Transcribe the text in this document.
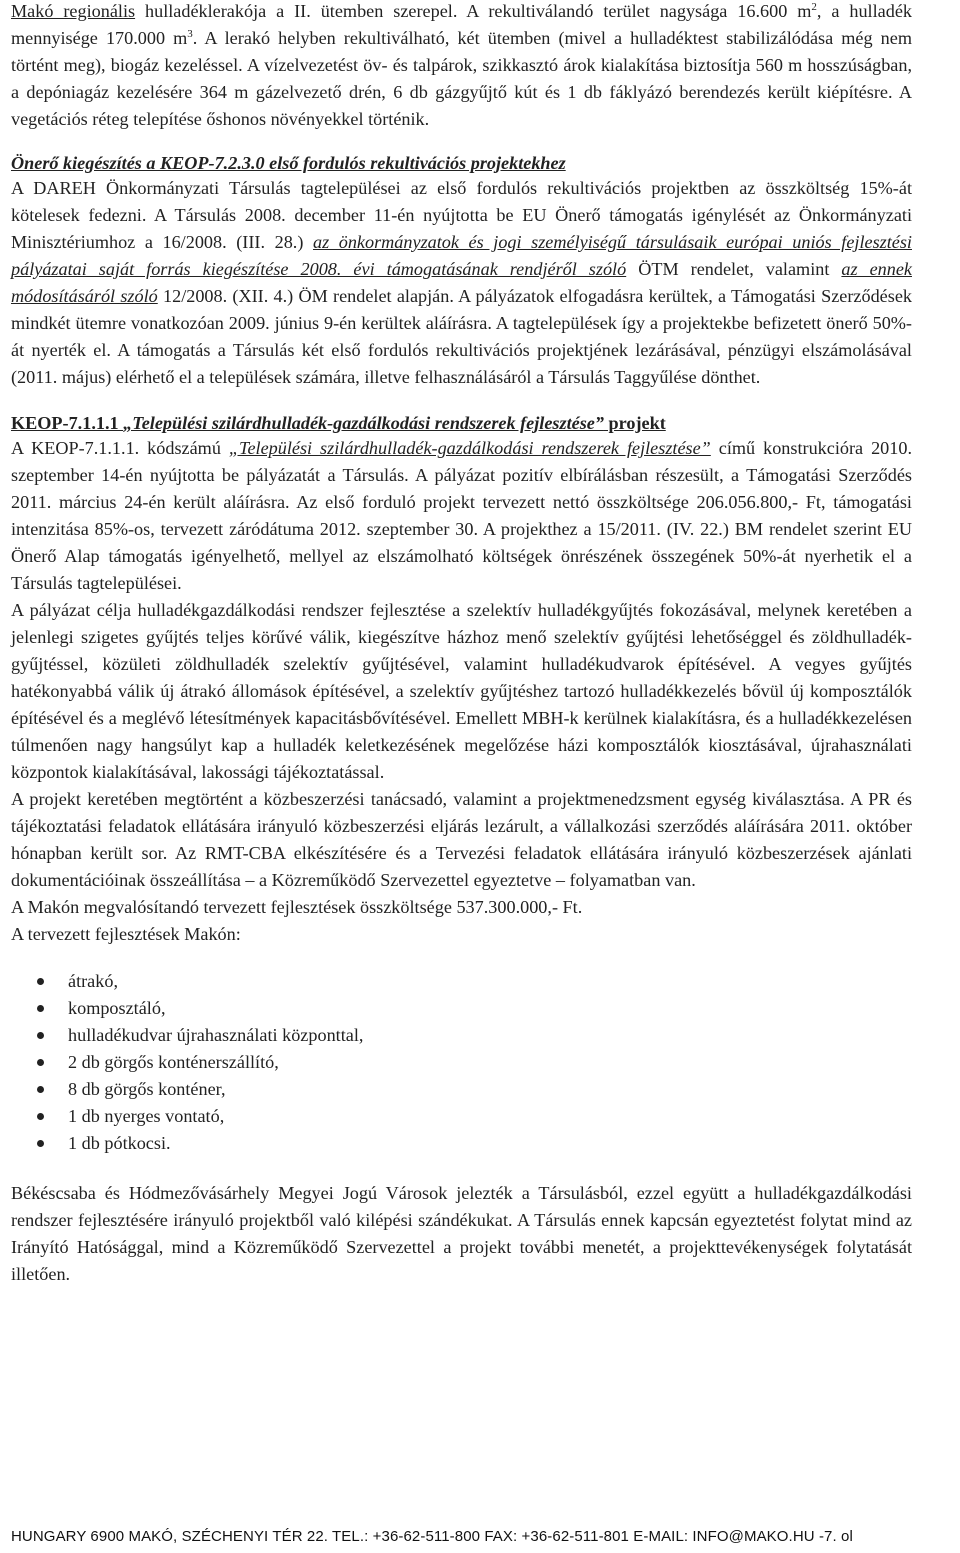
Makó regionális hulladéklerakója a II. ütemben szerepel. A rekultiválandó terület nagysága 16.600 $m^2$, a hulladék mennyisége 170.000 $m^3$. A lerakó helyben rekultiválható, két ütemben (mivel a hulladéktest stabilizálódása még nem történt meg), biogáz kezeléssel. A vízelvezetést öv- és talpárok, szikkasztó árok kialakítása biztosítja 560 m hosszúságban, a depóniagáz kezelésére 364 m gázelvezető drén, 6 db gázgyűjtő kút és 1 db fáklyázó berendezés került kiépítésre. A vegetációs réteg telepítése őshonos növényekkel történik.

Önerő kiegészítés a KEOP-7.2.3.0 első fordulós rekultivációs projektekhez

A DAREH Önkormányzati Társulás tagtelepülései az első fordulós rekultivációs projektben az összköltség 15%-át kötelesek fedezni. A Társulás 2008. december 11-én nyújtotta be EU Önerő támogatás igénylését az Önkormányzati Minisztériumhoz a 16/2008. (III. 28.) az önkormányzatok és jogi személyiségű társulásaik európai uniós fejlesztési pályázatai saját forrás kiegészítése 2008. évi támogatásának rendjéről szóló ÖTM rendelet, valamint az ennek módosításáról szóló 12/2008. (XII. 4.) ÖM rendelet alapján. A pályázatok elfogadásra kerültek, a Támogatási Szerződések mindkét ütemre vonatkozóan 2009. június 9-én kerültek aláírásra. A tagtelepülések így a projektekbe befizetett önerő 50%-át nyerték el. A támogatás a Társulás két első fordulós rekultivációs projektjének lezárásával, pénzügyi elszámolásával (2011. május) elérhető el a települések számára, illetve felhasználásáról a Társulás Taggyűlése dönthet.

KEOP-7.1.1.1 „Települési szilárdhulladék-gazdálkodási rendszerek fejlesztése” projekt

A KEOP-7.1.1.1. kódszámú „Települési szilárdhulladék-gazdálkodási rendszerek fejlesztése” című konstrukcióra 2010. szeptember 14-én nyújtotta be pályázatát a Társulás. A pályázat pozitív elbírálásban részesült, a Támogatási Szerződés 2011. március 24-én került aláírásra. Az első forduló projekt tervezett nettó összköltsége 206.056.800,- Ft, támogatási intenzitása 85%-os, tervezett záródátuma 2012. szeptember 30. A projekthez a 15/2011. (IV. 22.) BM rendelet szerint EU Önerő Alap támogatás igényelhető, mellyel az elszámolható költségek önrészének összegének 50%-át nyerhetik el a Társulás tagtelepülései.

A pályázat célja hulladékgazdálkodási rendszer fejlesztése a szelektív hulladékgyűjtés fokozásával, melynek keretében a jelenlegi szigetes gyűjtés teljes körűvé válik, kiegészítve házhoz menő szelektív gyűjtési lehetőséggel és zöldhulladék-gyűjtéssel, közületi zöldhulladék szelektív gyűjtésével, valamint hulladékudvarok építésével. A vegyes gyűjtés hatékonyabbá válik új átrakó állomások építésével, a szelektív gyűjtéshez tartozó hulladékkezelés bővül új komposztálók építésével és a meglévő létesítmények kapacitásbővítésével. Emellett MBH-k kerülnek kialakításra, és a hulladékkezelésen túlmenően nagy hangsúlyt kap a hulladék keletkezésének megelőzése házi komposztálók kiosztásával, újrahasználati központok kialakításával, lakossági tájékoztatással.

A projekt keretében megtörtént a közbeszerzési tanácsadó, valamint a projektmenedzsment egység kiválasztása. A PR és tájékoztatási feladatok ellátására irányuló közbeszerzési eljárás lezárult, a vállalkozási szerződés aláírására 2011. október hónapban került sor. Az RMT-CBA elkészítésére és a Tervezési feladatok ellátására irányuló közbeszerzések ajánlati dokumentációinak összeállítása – a Közreműködő Szervezettel egyeztetve – folyamatban van.

A Makón megvalósítandó tervezett fejlesztések összköltsége 537.300.000,- Ft.

A tervezett fejlesztések Makón:

átrakó,
komposztáló,
hulladékudvar újrahasználati központtal,
2 db görgős konténerszállító,
8 db görgős konténer,
1 db nyerges vontató,
1 db pótkocsi.

Békéscsaba és Hódmezővásárhely Megyei Jogú Városok jelezték a Társulásból, ezzel együtt a hulladékgazdálkodási rendszer fejlesztésére irányuló projektből való kilépési szándékukat. A Társulás ennek kapcsán egyeztetést folytat mind az Irányító Hatósággal, mind a Közreműködő Szervezettel a projekt további menetét, a projekttevékenységek folytatását illetően.

HUNGARY 6900 MAKÓ, SZÉCHENYI TÉR 22. TEL.: +36-62-511-800 FAX: +36-62-511-801 E-MAIL: INFO@MAKO.HU -7. ol
